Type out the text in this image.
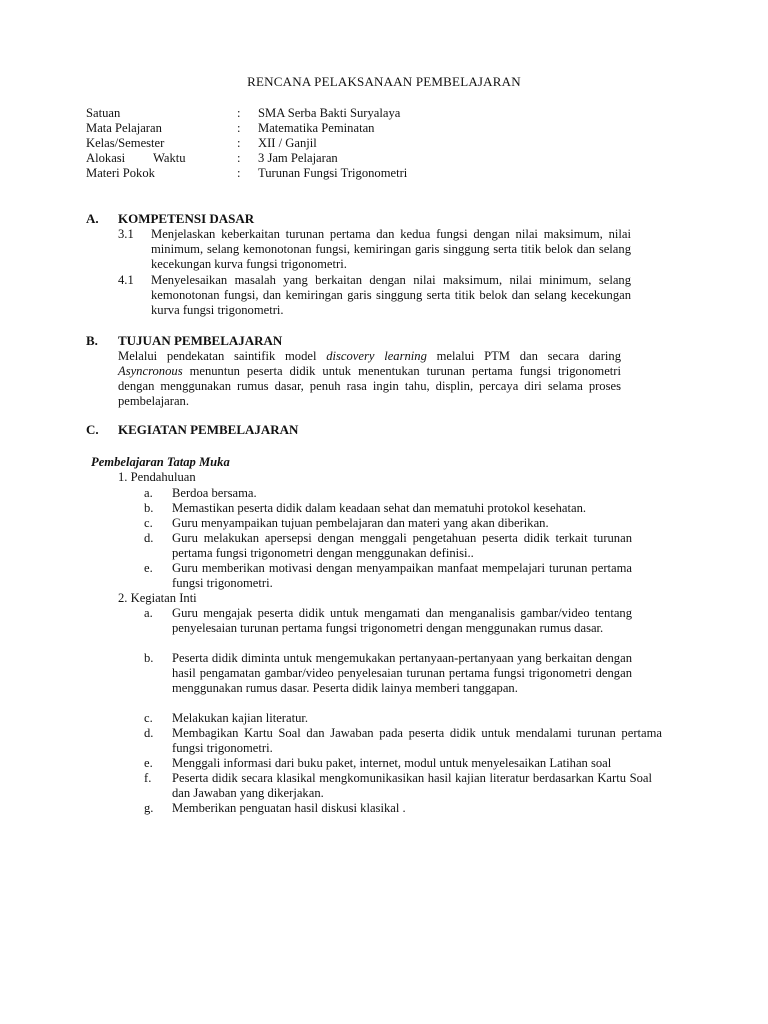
RENCANA PELAKSANAAN PEMBELAJARAN
Satuan	: SMA Serba Bakti Suryalaya
Mata Pelajaran	: Matematika Peminatan
Kelas/Semester	: XII / Ganjil
Alokasi Waktu	: 3 Jam Pelajaran
Materi Pokok	: Turunan Fungsi Trigonometri
A. KOMPETENSI DASAR
3.1 Menjelaskan keberkaitan turunan pertama dan kedua fungsi dengan nilai maksimum, nilai minimum, selang kemonotonan fungsi, kemiringan garis singgung serta titik belok dan selang kecekungan kurva fungsi trigonometri.
4.1 Menyelesaikan masalah yang berkaitan dengan nilai maksimum, nilai minimum, selang kemonotonan fungsi, dan kemiringan garis singgung serta titik belok dan selang kecekungan kurva fungsi trigonometri.
B. TUJUAN PEMBELAJARAN
Melalui pendekatan saintifik model discovery learning melalui PTM dan secara daring Asyncronous menuntun peserta didik untuk menentukan turunan pertama fungsi trigonometri dengan menggunakan rumus dasar, penuh rasa ingin tahu, displin, percaya diri selama proses pembelajaran.
C. KEGIATAN PEMBELAJARAN
Pembelajaran Tatap Muka
1. Pendahuluan
a. Berdoa bersama.
b. Memastikan peserta didik dalam keadaan sehat dan mematuhi protokol kesehatan.
c. Guru menyampaikan tujuan pembelajaran dan materi yang akan diberikan.
d. Guru melakukan apersepsi dengan menggali pengetahuan peserta didik terkait turunan pertama fungsi trigonometri dengan menggunakan definisi..
e. Guru memberikan motivasi dengan menyampaikan manfaat mempelajari turunan pertama fungsi trigonometri.
2. Kegiatan Inti
a. Guru mengajak peserta didik untuk mengamati dan menganalisis gambar/video tentang penyelesaian turunan pertama fungsi trigonometri dengan menggunakan rumus dasar.
b. Peserta didik diminta untuk mengemukakan pertanyaan-pertanyaan yang berkaitan dengan hasil pengamatan gambar/video penyelesaian turunan pertama fungsi trigonometri dengan menggunakan rumus dasar. Peserta didik lainya memberi tanggapan.
c. Melakukan kajian literatur.
d. Membagikan Kartu Soal dan Jawaban pada peserta didik untuk mendalami turunan pertama fungsi trigonometri.
e. Menggali informasi dari buku paket, internet, modul untuk menyelesaikan Latihan soal
f. Peserta didik secara klasikal mengkomunikasikan hasil kajian literatur berdasarkan Kartu Soal dan Jawaban yang dikerjakan.
g. Memberikan penguatan hasil diskusi klasikal .
